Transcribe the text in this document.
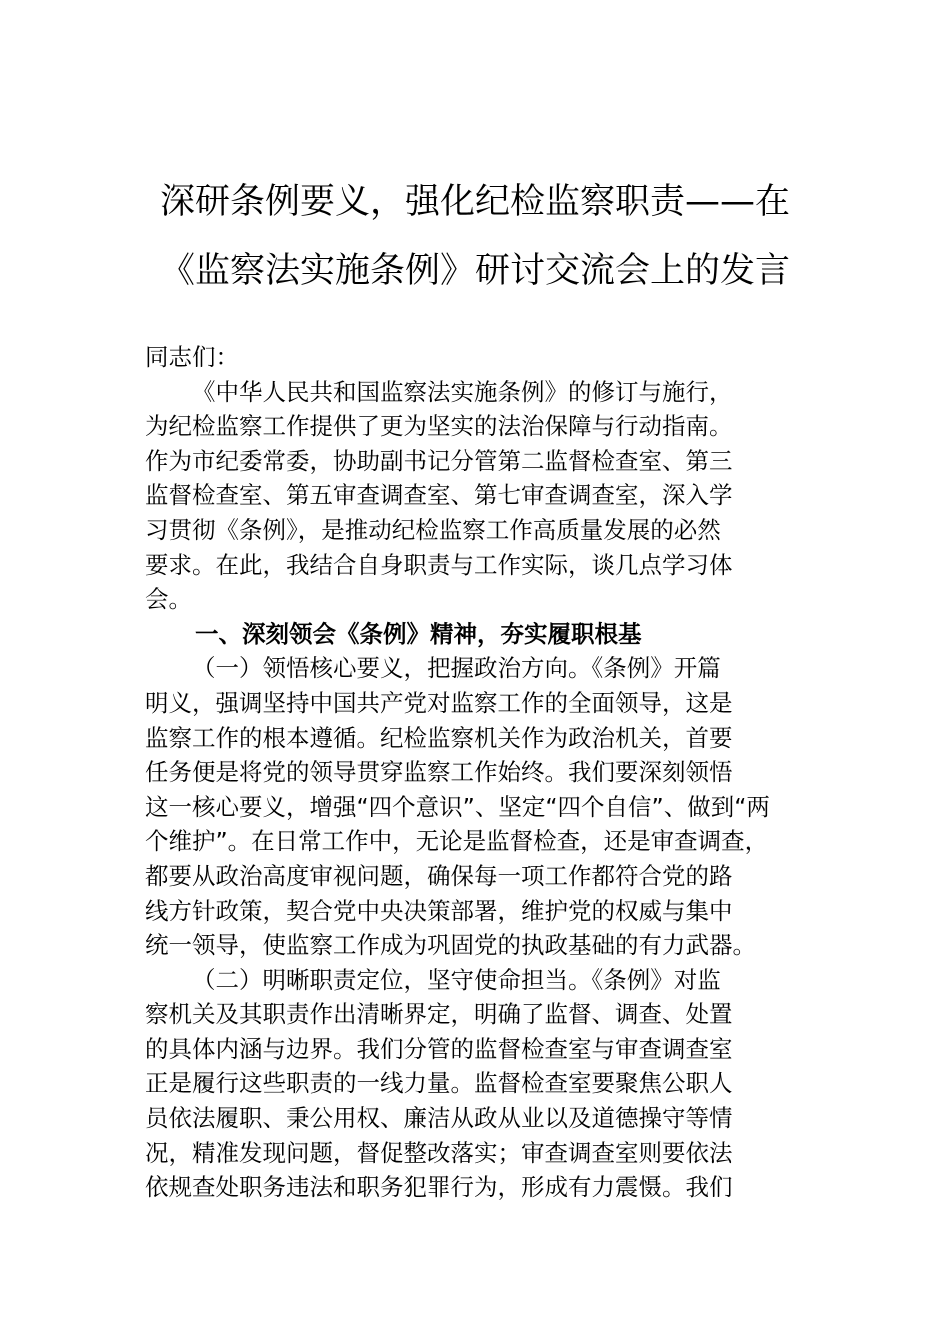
深研条例要义，强化纪检监察职责——在
《监察法实施条例》研讨交流会上的发言
同志们：
《中华人民共和国监察法实施条例》的修订与施行，
为纪检监察工作提供了更为坚实的法治保障与行动指南。
作为市纪委常委，协助副书记分管第二监督检查室、第三
监督检查室、第五审查调查室、第七审查调查室，深入学
习贯彻《条例》，是推动纪检监察工作高质量发展的必然
要求。在此，我结合自身职责与工作实际，谈几点学习体
会。
一、深刻领会《条例》精神，夯实履职根基
（一）领悟核心要义，把握政治方向。《条例》开篇
明义，强调坚持中国共产党对监察工作的全面领导，这是
监察工作的根本遵循。纪检监察机关作为政治机关，首要
任务便是将党的领导贯穿监察工作始终。我们要深刻领悟
这一核心要义，增强“四个意识”、坚定“四个自信”、做到“两
个维护”。在日常工作中，无论是监督检查，还是审查调查，
都要从政治高度审视问题，确保每一项工作都符合党的路
线方针政策，契合党中央决策部署，维护党的权威与集中
统一领导，使监察工作成为巩固党的执政基础的有力武器。
（二）明晰职责定位，坚守使命担当。《条例》对监
察机关及其职责作出清晰界定，明确了监督、调查、处置
的具体内涵与边界。我们分管的监督检查室与审查调查室
正是履行这些职责的一线力量。监督检查室要聚焦公职人
员依法履职、秉公用权、廉洁从政从业以及道德操守等情
况，精准发现问题，督促整改落实；审查调查室则要依法
依规查处职务违法和职务犯罪行为，形成有力震慑。我们
